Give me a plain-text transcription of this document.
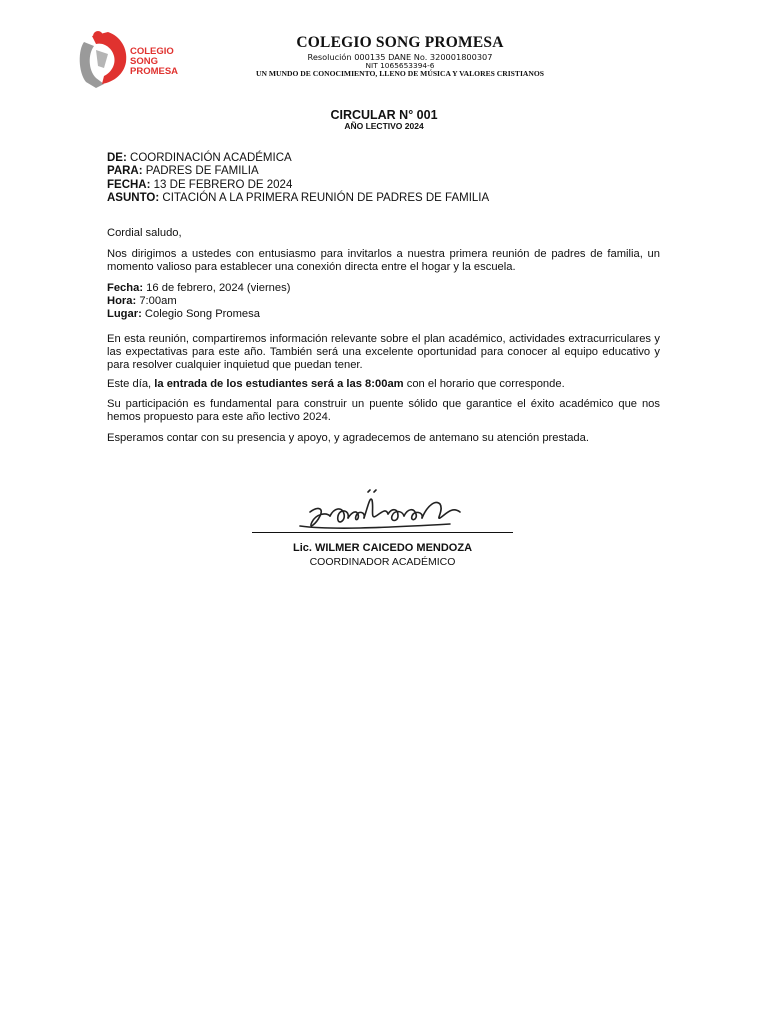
COLEGIO
SONG
PROMESA
COLEGIO SONG PROMESA
Resolución 000135 DANE No. 320001800307
NIT 1065653394-6
UN MUNDO DE CONOCIMIENTO, LLENO DE MÚSICA Y VALORES CRISTIANOS
CIRCULAR N° 001
AÑO LECTIVO 2024
DE: COORDINACIÓN ACADÉMICA
PARA: PADRES DE FAMILIA
FECHA: 13 DE FEBRERO DE 2024
ASUNTO: CITACIÓN A LA PRIMERA REUNIÓN DE PADRES DE FAMILIA
Cordial saludo,
Nos dirigimos a ustedes con entusiasmo para invitarlos a nuestra primera reunión de padres de familia, un momento valioso para establecer una conexión directa entre el hogar y la escuela.
Fecha: 16 de febrero, 2024 (viernes)
Hora: 7:00am
Lugar: Colegio Song Promesa
En esta reunión, compartiremos información relevante sobre el plan académico, actividades extracurriculares y las expectativas para este año. También será una excelente oportunidad para conocer al equipo educativo y para resolver cualquier inquietud que puedan tener.
Este día, la entrada de los estudiantes será a las 8:00am con el horario que corresponde.
Su participación es fundamental para construir un puente sólido que garantice el éxito académico que nos hemos propuesto para este año lectivo 2024.
Esperamos contar con su presencia y apoyo, y agradecemos de antemano su atención prestada.
Lic. WILMER CAICEDO MENDOZA
COORDINADOR ACADÉMICO
